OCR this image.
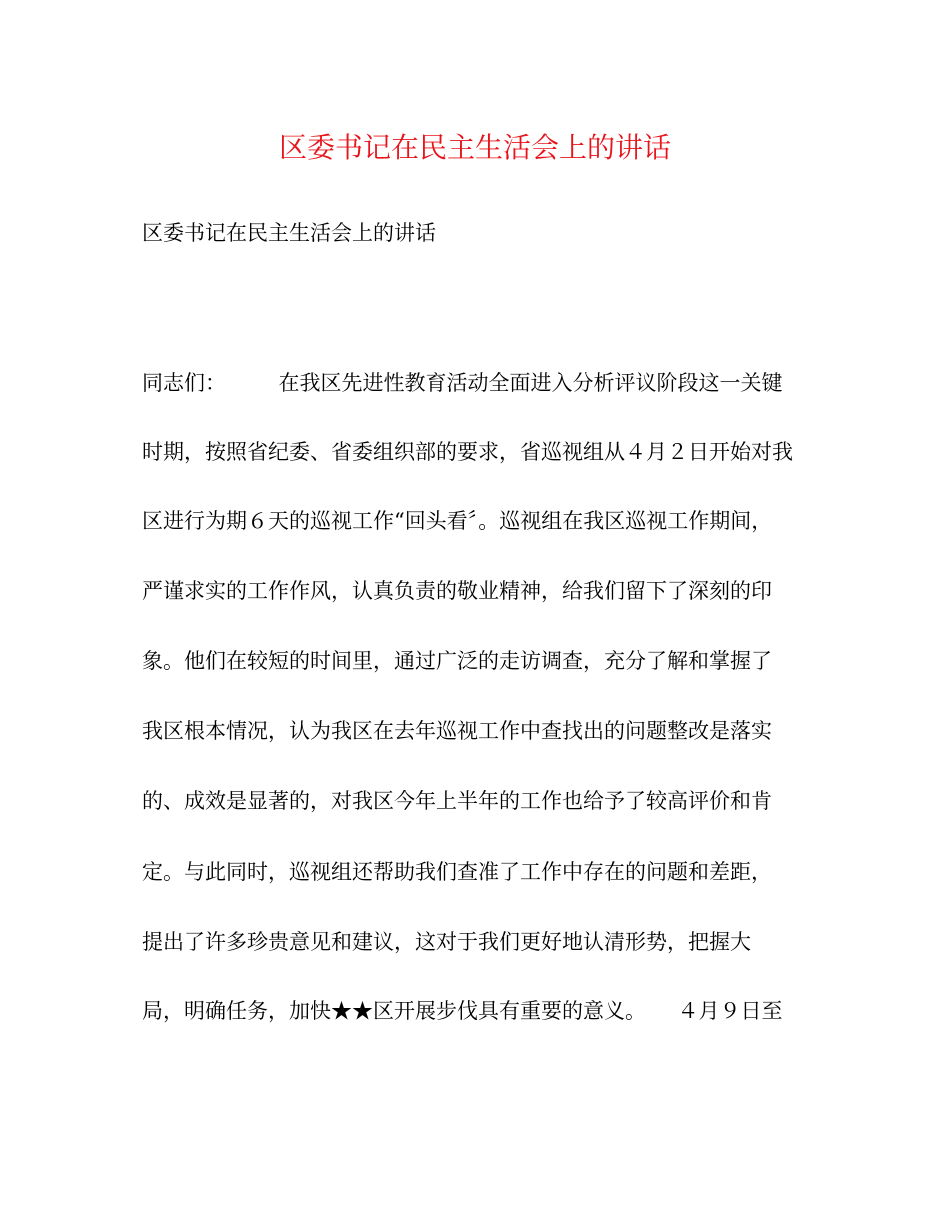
区委书记在民主生活会上的讲话
区委书记在民主生活会上的讲话
同志们：　　　在我区先进性教育活动全面进入分析评议阶段这一关键
时期，按照省纪委、省委组织部的要求，省巡视组从４月２日开始对我
区进行为期６天的巡视工作“回头看〞。巡视组在我区巡视工作期间，
严谨求实的工作作风，认真负责的敬业精神，给我们留下了深刻的印
象。他们在较短的时间里，通过广泛的走访调查，充分了解和掌握了
我区根本情况，认为我区在去年巡视工作中查找出的问题整改是落实
的、成效是显著的，对我区今年上半年的工作也给予了较高评价和肯
定。与此同时，巡视组还帮助我们查准了工作中存在的问题和差距，
提出了许多珍贵意见和建议，这对于我们更好地认清形势，把握大
局，明确任务，加快★★区开展步伐具有重要的意义。　　４月９日至
